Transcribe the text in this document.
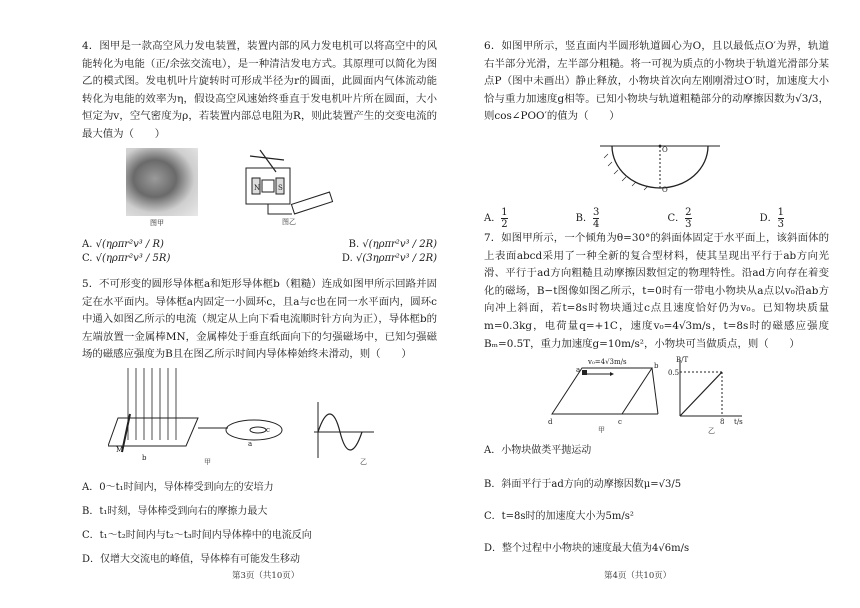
4．图甲是一款高空风力发电装置，装置内部的风力发电机可以将高空中的风能转化为电能（正/余弦交流电），是一种清洁发电方式。其原理可以简化为图乙的模式图。发电机叶片旋转时可形成半径为r的圆面，此圆面内气体流动能转化为电能的效率为η，假设高空风速始终垂直于发电机叶片所在圆面，大小恒定为v，空气密度为ρ，若装置内部总电阻为R，则此装置产生的交变电流的最大值为（　　）

图甲
N	S
图乙
A. √(ηρπr²v³ / R)	B. √(ηρπr²v³ / 2R)
C. √(ηρπr²v³ / 5R)	D. √(3ηρπr²v³ / 2R)

5．不可形变的圆形导体框a和矩形导体框b（粗糙）连成如图甲所示回路并固定在水平面内。导体框a内固定一小圆环c，且a与c也在同一水平面内，圆环c中通入如图乙所示的电流（规定从上向下看电流顺时针方向为正），导体框b的左端放置一金属棒MN，金属棒处于垂直纸面向下的匀强磁场中，已知匀强磁场的磁感应强度为B且在图乙所示时间内导体棒始终未滑动，则（　　）

M
b
a
c
甲	乙
A．0～t₁时间内，导体棒受到向左的安培力
B．t₁时刻，导体棒受到向右的摩擦力最大
C．t₁～t₂时间内与t₂～t₃时间内导体棒中的电流反向
D．仅增大交流电的峰值，导体棒有可能发生移动

6．如图甲所示，竖直面内半圆形轨道圆心为O，且以最低点O′为界，轨道右半部分光滑，左半部分粗糙。将一可视为质点的小物块于轨道光滑部分某点P（图中未画出）静止释放，小物块首次向左刚刚滑过O′时，加速度大小恰与重力加速度g相等。已知小物块与轨道粗糙部分的动摩擦因数为√3/3，则cos∠POO′的值为（　　）

O
O′
A． $\frac{1}{2}$	B． $\frac{3}{4}$	C． $\frac{2}{3}$	D． $\frac{1}{3}$

7．如图甲所示，一个倾角为θ=30°的斜面体固定于水平面上，该斜面体的上表面abcd采用了一种全新的复合型材料，使其呈现出平行于ab方向光滑、平行于ad方向粗糙且动摩擦因数恒定的物理特性。沿ad方向存在着变化的磁场，B−t图像如图乙所示，t=0时有一带电小物块从a点以v₀沿ab方向冲上斜面，若t=8s时物块通过c点且速度恰好仍为v₀。已知物块质量m=0.3kg，电荷量q=+1C，速度v₀=4√3m/s，t=8s时的磁感应强度Bₘ=0.5T，重力加速度g=10m/s²，小物块可当做质点，则（　　）

v₀=4√3m/s
a	b
c
d
甲
B/T
0.5
8 t/s
乙
A．小物块做类平抛运动
B．斜面平行于ad方向的动摩擦因数μ=√3/5
C．t=8s时的加速度大小为5m/s²
D．整个过程中小物块的速度最大值为4√6m/s
第3页（共10页）	第4页（共10页）
